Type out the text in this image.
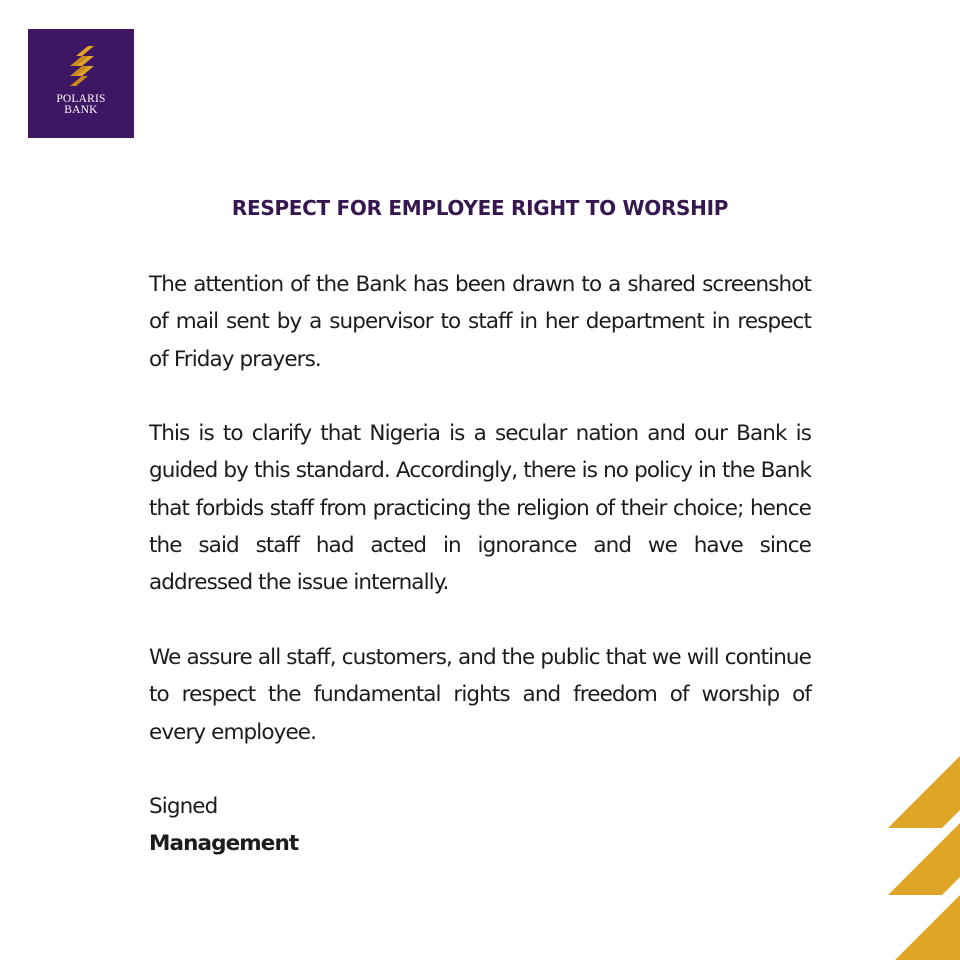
POLARIS
BANK
RESPECT FOR EMPLOYEE RIGHT TO WORSHIP

The attention of the Bank has been drawn to a shared screenshot of mail sent by a supervisor to staff in her department in respect of Friday prayers.

This is to clarify that Nigeria is a secular nation and our Bank is guided by this standard. Accordingly, there is no policy in the Bank that forbids staff from practicing the religion of their choice; hence the said staff had acted in ignorance and we have since addressed the issue internally.

We assure all staff, customers, and the public that we will continue to respect the fundamental rights and freedom of worship of every employee.

Signed

Management
